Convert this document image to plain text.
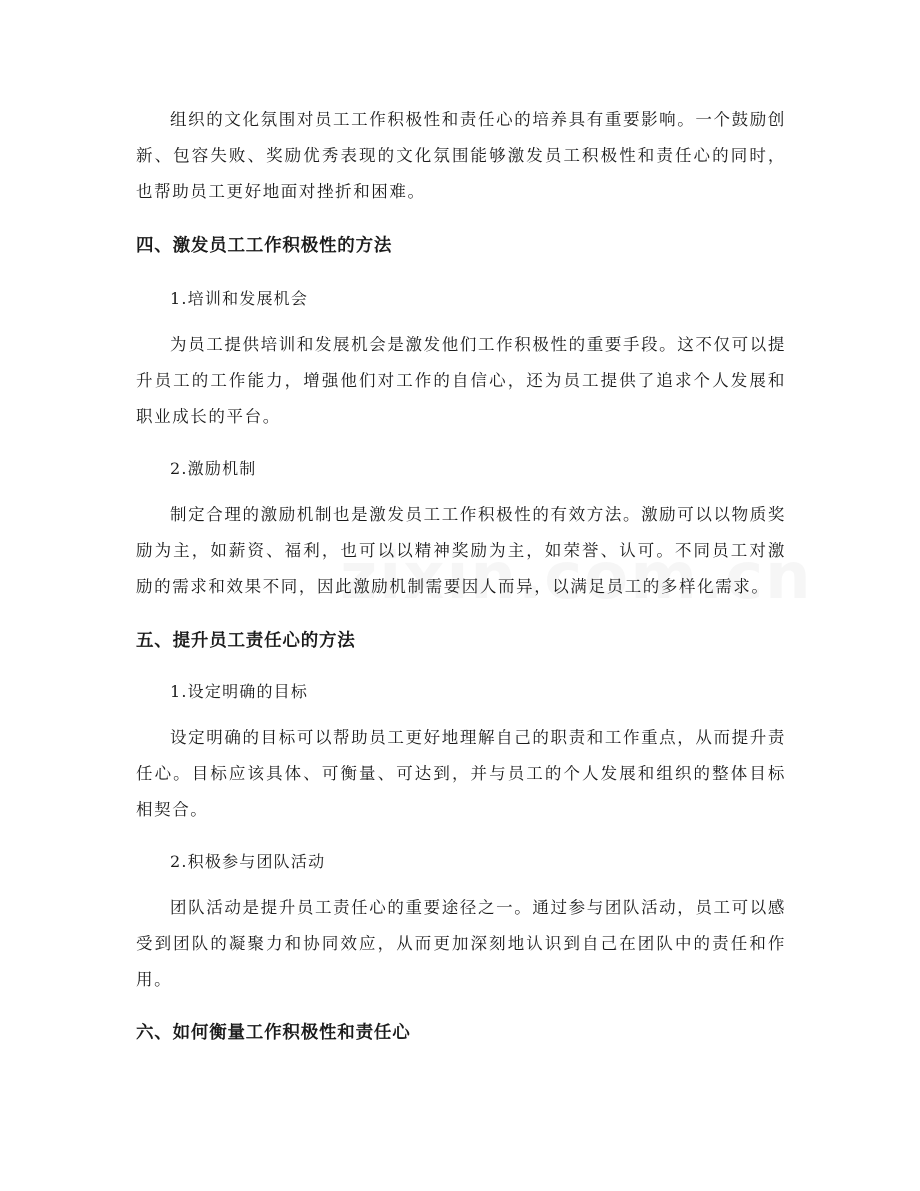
组织的文化氛围对员工工作积极性和责任心的培养具有重要影响。一个鼓励创新、包容失败、奖励优秀表现的文化氛围能够激发员工积极性和责任心的同时，也帮助员工更好地面对挫折和困难。

四、激发员工工作积极性的方法

1.培训和发展机会

为员工提供培训和发展机会是激发他们工作积极性的重要手段。这不仅可以提升员工的工作能力，增强他们对工作的自信心，还为员工提供了追求个人发展和职业成长的平台。

2.激励机制

制定合理的激励机制也是激发员工工作积极性的有效方法。激励可以以物质奖励为主，如薪资、福利，也可以以精神奖励为主，如荣誉、认可。不同员工对激励的需求和效果不同，因此激励机制需要因人而异，以满足员工的多样化需求。

五、提升员工责任心的方法

1.设定明确的目标

设定明确的目标可以帮助员工更好地理解自己的职责和工作重点，从而提升责任心。目标应该具体、可衡量、可达到，并与员工的个人发展和组织的整体目标相契合。

2.积极参与团队活动

团队活动是提升员工责任心的重要途径之一。通过参与团队活动，员工可以感受到团队的凝聚力和协同效应，从而更加深刻地认识到自己在团队中的责任和作用。

六、如何衡量工作积极性和责任心
